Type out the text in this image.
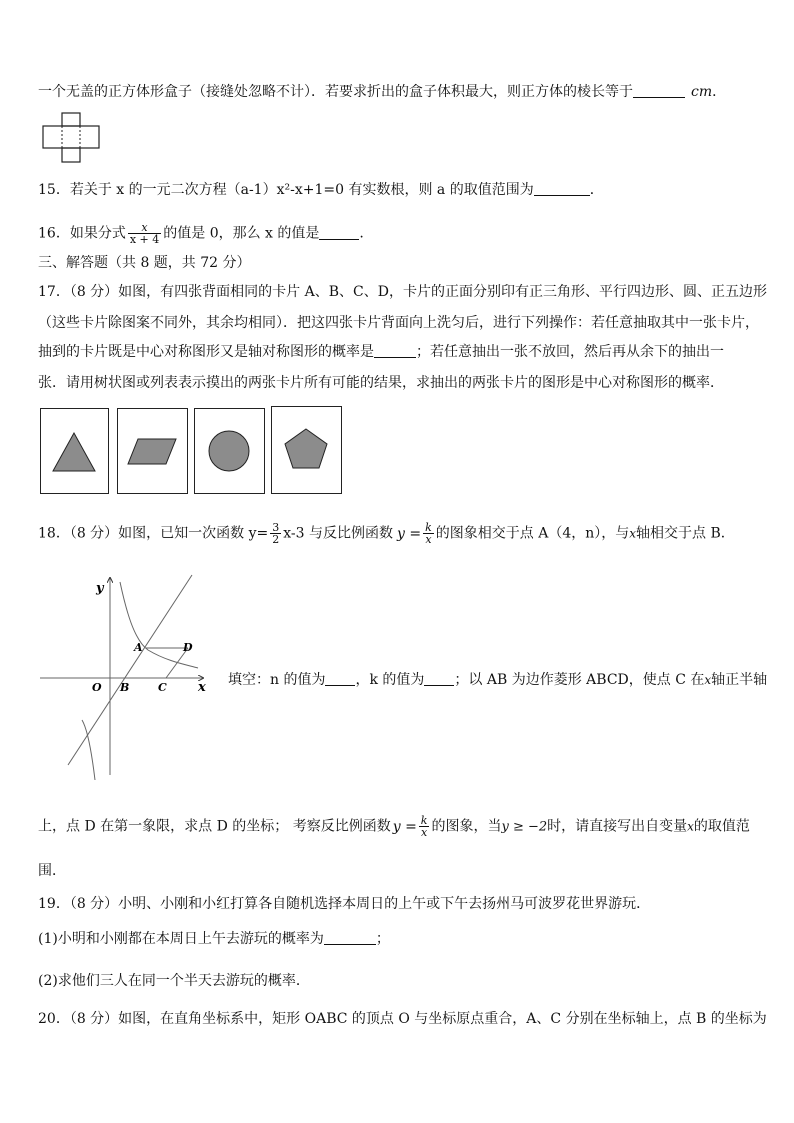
一个无盖的正方体形盒子（接缝处忽略不计）．若要求折出的盒子体积最大，则正方体的棱长等于	cm．
15．若关于 x 的一元二次方程（a-1）x²-x+1=0 有实数根，则 a 的取值范围为	．
16．如果分式 $\frac{x}{x + 4}$ 的值是 0，那么 x 的值是	.
三、解答题（共 8 题，共 72 分）
17．（8 分）如图，有四张背面相同的卡片 A、B、C、D，卡片的正面分别印有正三角形、平行四边形、圆、正五边形
（这些卡片除图案不同外，其余均相同）．把这四张卡片背面向上洗匀后，进行下列操作：若任意抽取其中一张卡片，
抽到的卡片既是中心对称图形又是轴对称图形的概率是	；若任意抽出一张不放回，然后再从余下的抽出一
张．请用树状图或列表表示摸出的两张卡片所有可能的结果，求抽出的两张卡片的图形是中心对称图形的概率．
18．（8 分）如图，已知一次函数 $y= \frac{3}{2} x-3$ 与反比例函数 $y = \frac{k}{x}$ 的图象相交于点 A（4，n），与x轴相交于点 B．
y
x
O B	C
A	D
填空：n 的值为 ，k 的值为 ；以 AB 为边作菱形 ABCD，使点 C 在x轴正半轴
上，点 D 在第一象限，求点 D 的坐标； 考察反比例函数 $y = \frac{k}{x}$ 的图象，当y ≥ −2时，请直接写出自变量x的取值范
围．
19．（8 分）小明、小刚和小红打算各自随机选择本周日的上午或下午去扬州马可波罗花世界游玩．
(1)小明和小刚都在本周日上午去游玩的概率为	；
(2)求他们三人在同一个半天去游玩的概率．
20．（8 分）如图，在直角坐标系中，矩形 OABC 的顶点 O 与坐标原点重合，A、C 分别在坐标轴上，点 B 的坐标为
